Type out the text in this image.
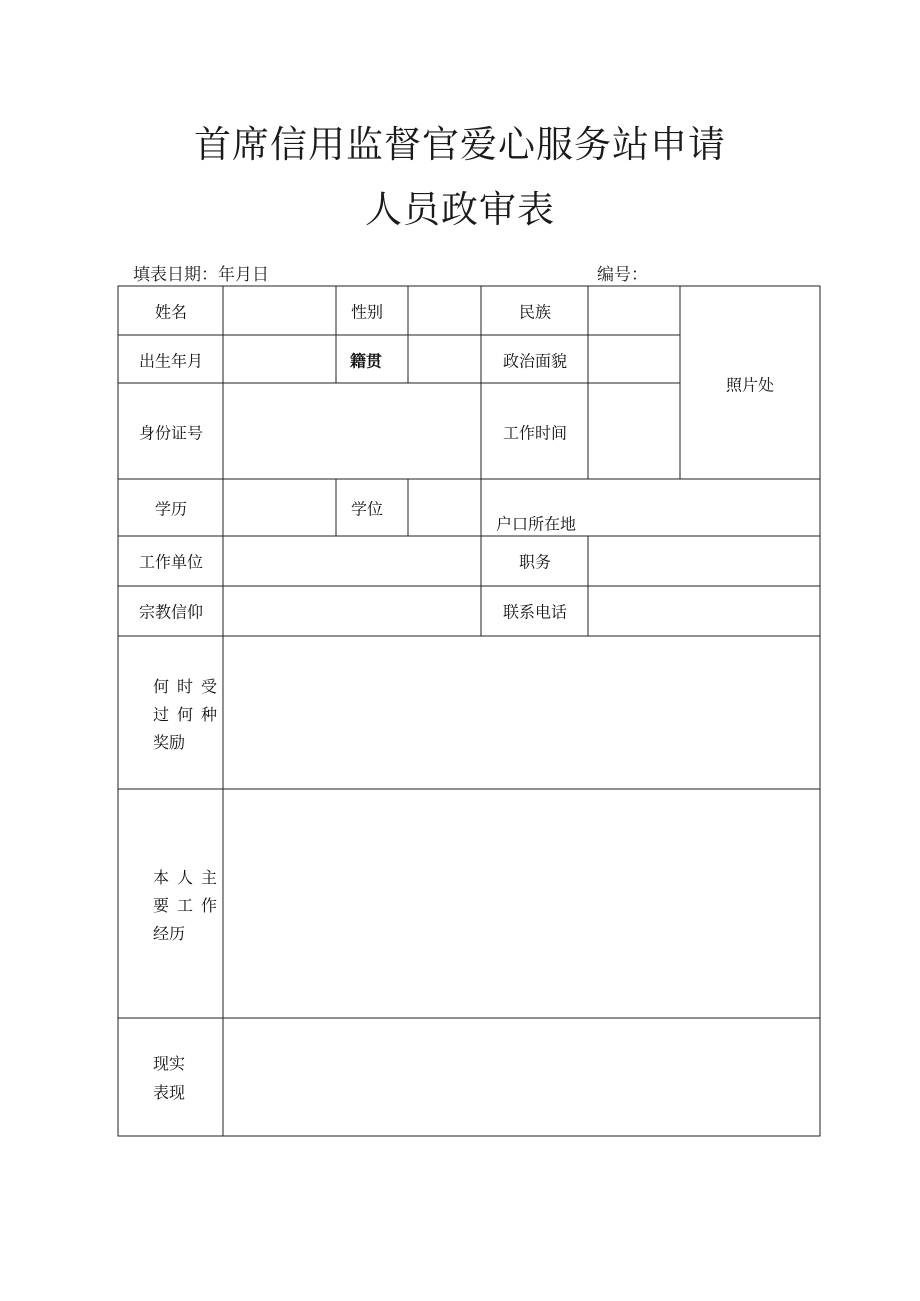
首席信用监督官爱心服务站申请
人员政审表
填表日期：年月日	编号：
姓名	性别	民族
出生年月	籍贯	政治面貌
照片处
身份证号	工作时间
学历	学位
户口所在地
工作单位	职务
宗教信仰	联系电话
何时受
过何种
奖励
本人主
要工作
经历
现实
表现
